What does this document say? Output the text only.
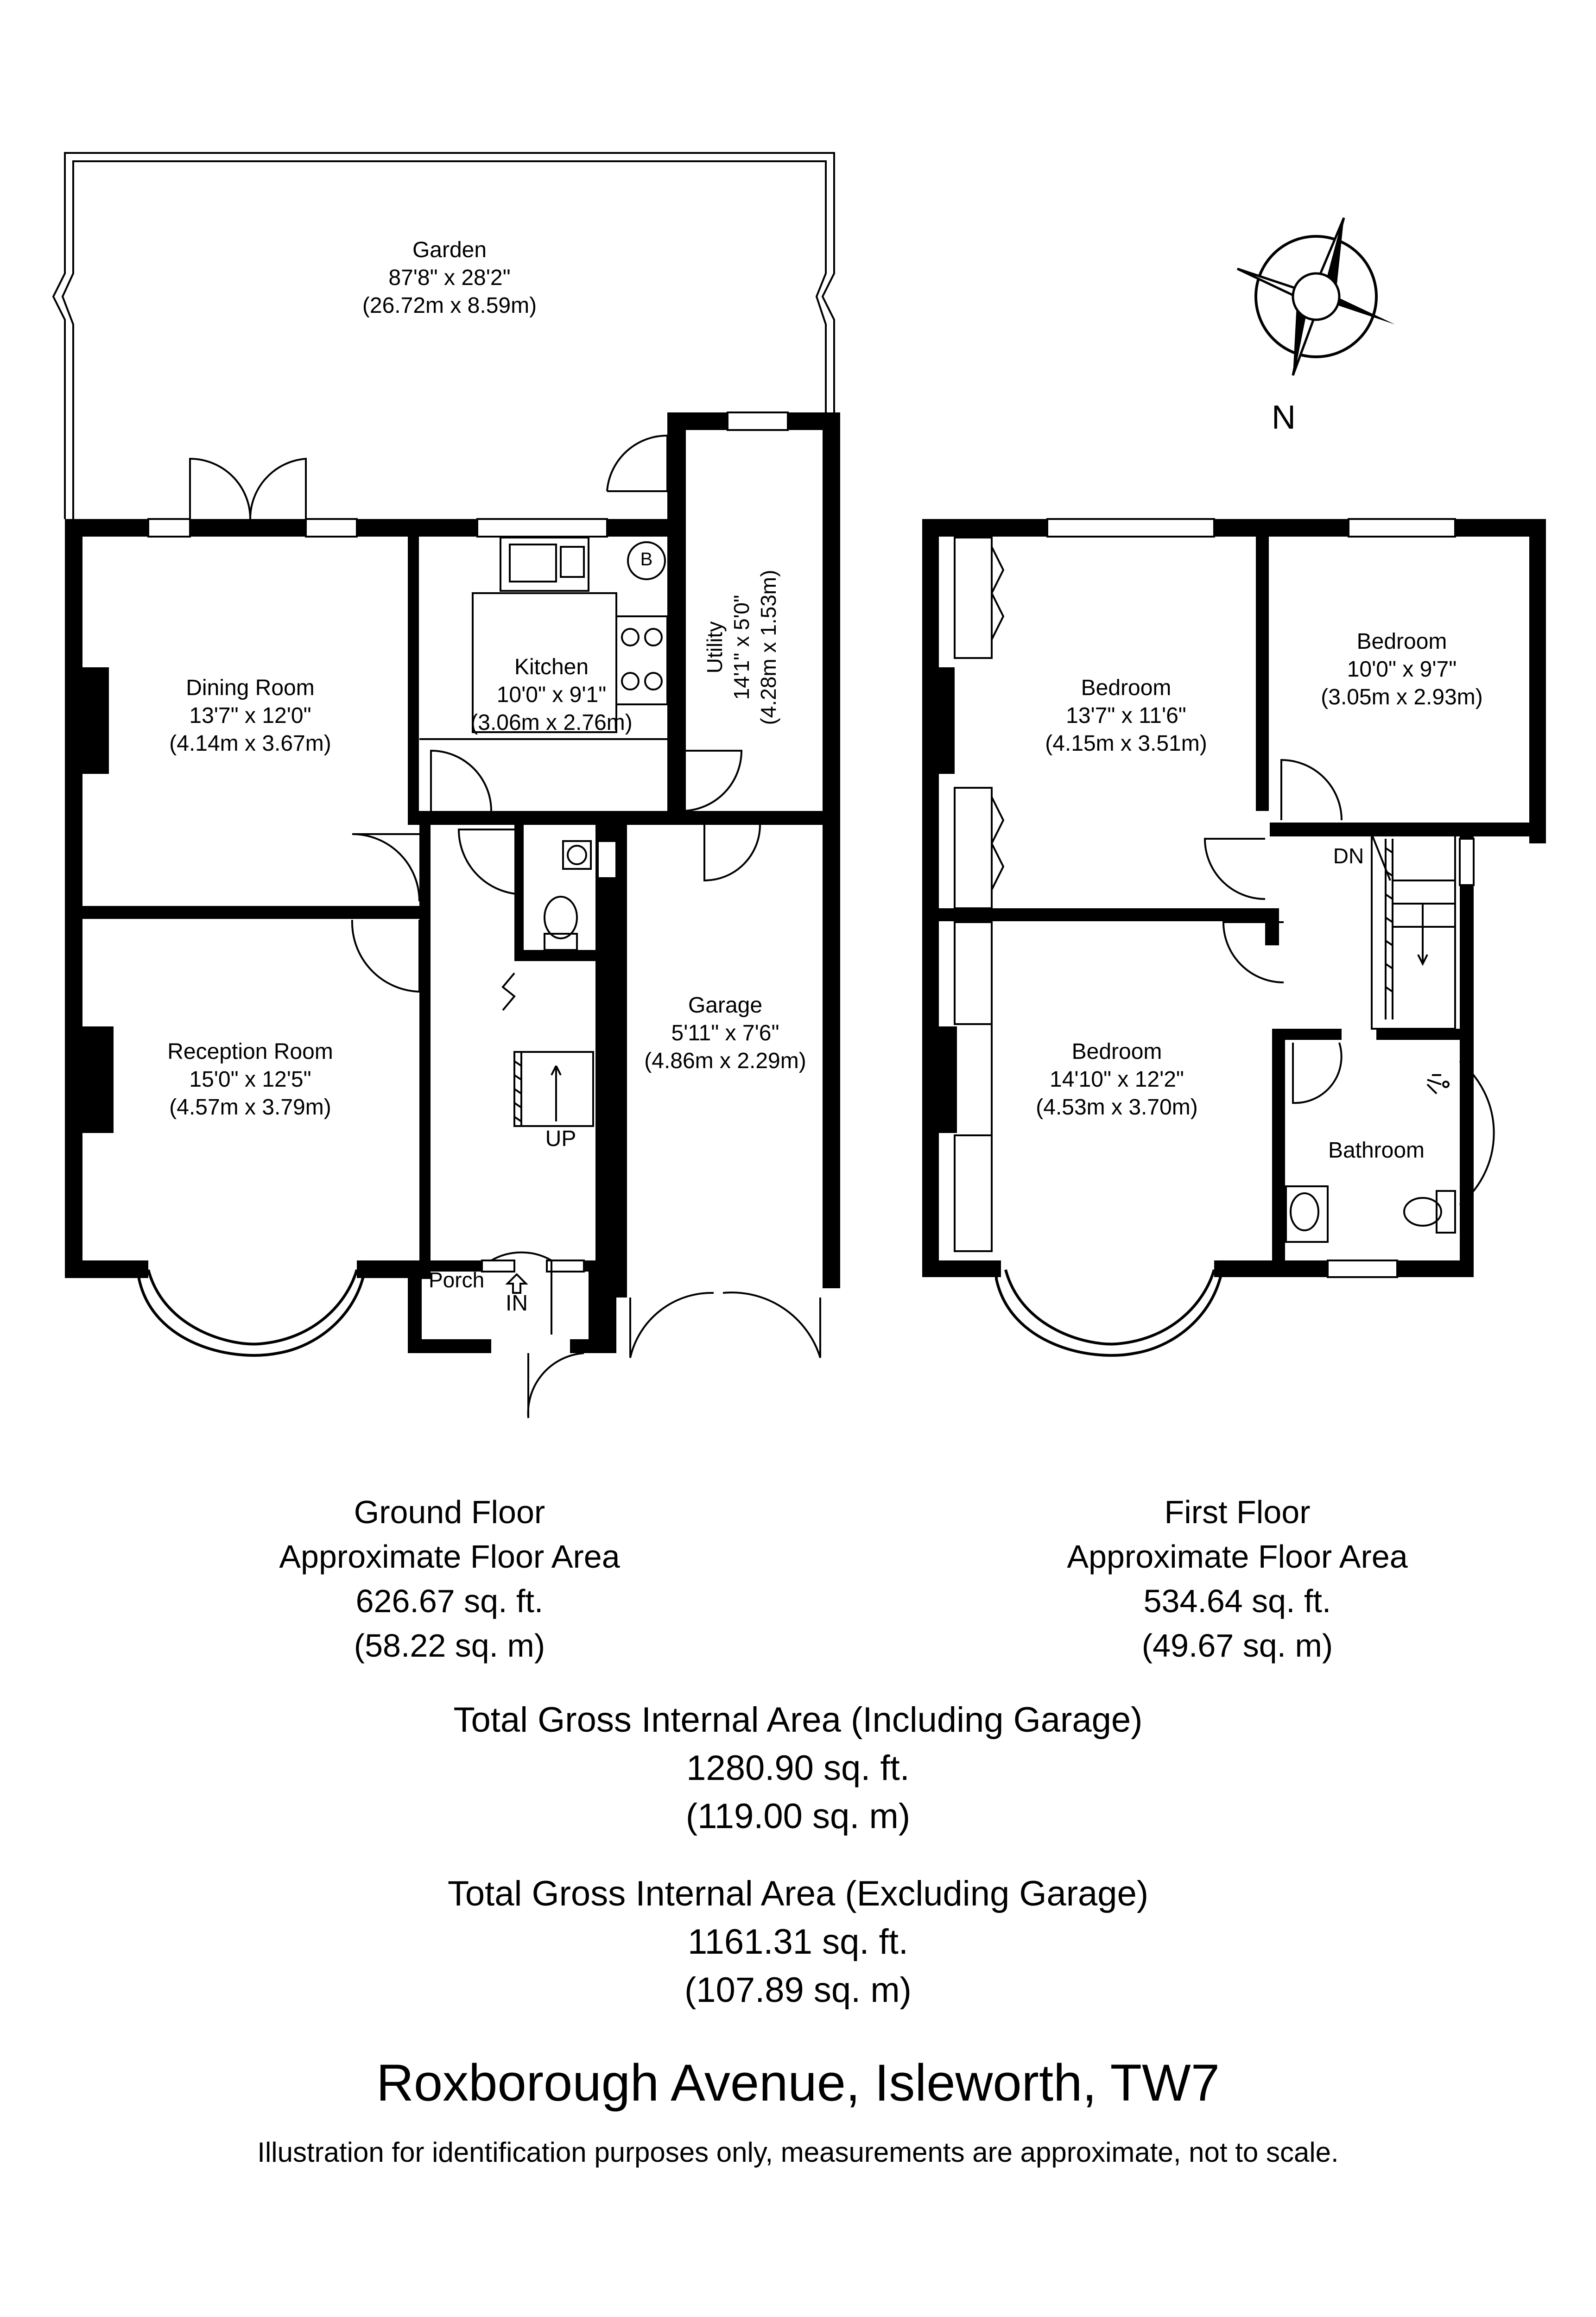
N
Garden
87'8" x 28'2"
(26.72m x 8.59m)
Dining Room
13'7" x 12'0"
(4.14m x 3.67m)
Kitchen
10'0" x 9'1"
(3.06m x 2.76m)
B
Utility 14'1" x 5'0" (4.28m x 1.53m)
Reception Room
15'0" x 12'5"
(4.57m x 3.79m)
Garage
5'11" x 7'6"
(4.86m x 2.29m)
UP
Porch
IN
Bedroom
13'7" x 11'6"
(4.15m x 3.51m)
Bedroom
10'0" x 9'7"
(3.05m x 2.93m)
Bedroom
14'10" x 12'2"
(4.53m x 3.70m)
Bathroom
DN
Ground Floor
Approximate Floor Area
626.67 sq. ft.
(58.22 sq. m)
First Floor
Approximate Floor Area
534.64 sq. ft.
(49.67 sq. m)
Total Gross Internal Area (Including Garage)
1280.90 sq. ft.
(119.00 sq. m)
Total Gross Internal Area (Excluding Garage)
1161.31 sq. ft.
(107.89 sq. m)
Roxborough Avenue, Isleworth, TW7
Illustration for identification purposes only, measurements are approximate, not to scale.
